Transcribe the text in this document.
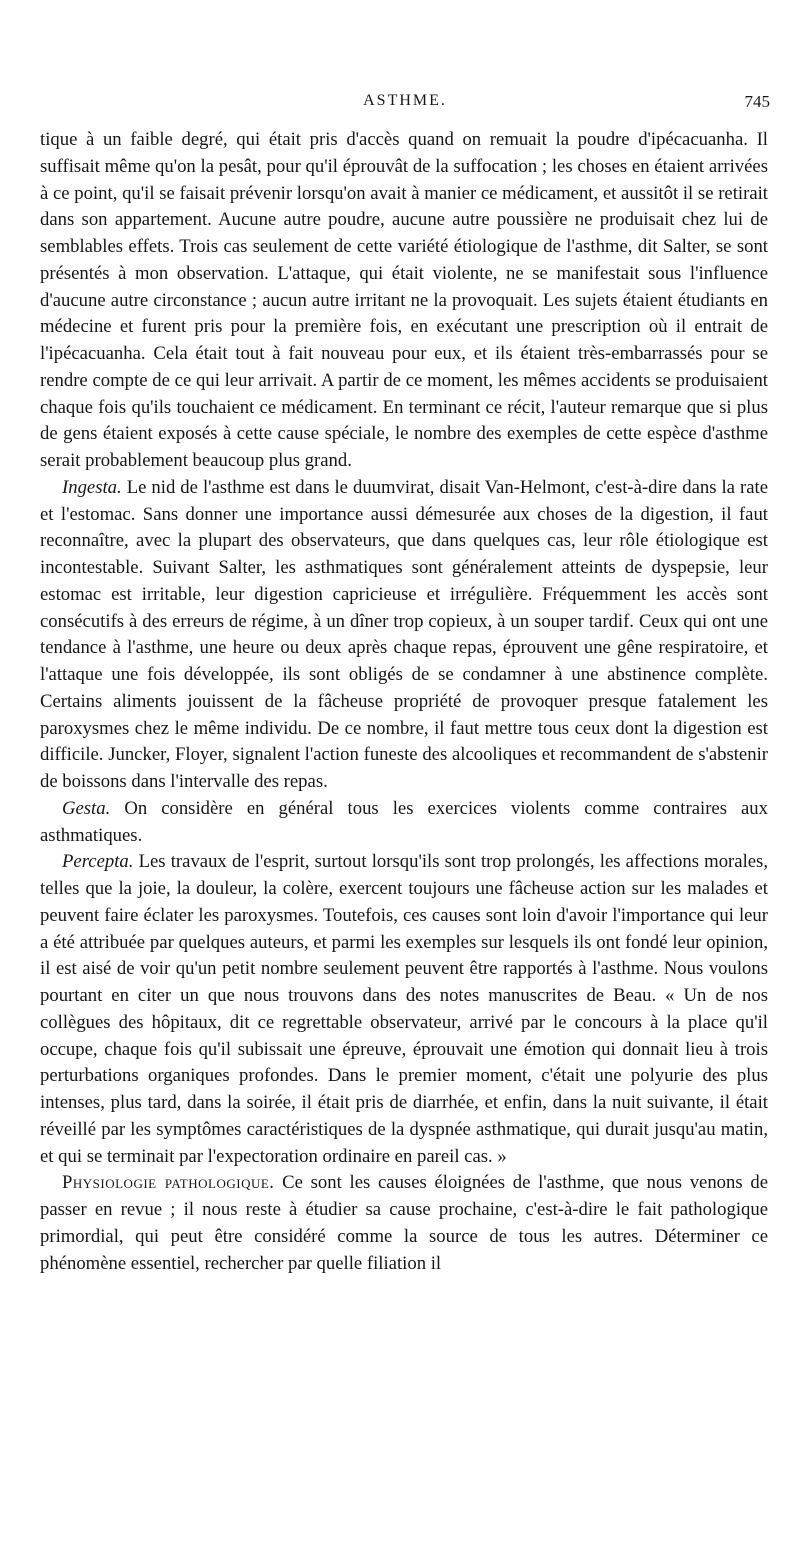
ASTHME.	745

tique à un faible degré, qui était pris d'accès quand on remuait la poudre d'ipécacuanha. Il suffisait même qu'on la pesât, pour qu'il éprouvât de la suffocation ; les choses en étaient arrivées à ce point, qu'il se faisait prévenir lorsqu'on avait à manier ce médicament, et aussitôt il se retirait dans son appartement. Aucune autre poudre, aucune autre poussière ne produisait chez lui de semblables effets. Trois cas seulement de cette variété étiologique de l'asthme, dit Salter, se sont présentés à mon observation. L'attaque, qui était violente, ne se manifestait sous l'influence d'aucune autre circonstance ; aucun autre irritant ne la provoquait. Les sujets étaient étudiants en médecine et furent pris pour la première fois, en exécutant une prescription où il entrait de l'ipécacuanha. Cela était tout à fait nouveau pour eux, et ils étaient très-embarrassés pour se rendre compte de ce qui leur arrivait. A partir de ce moment, les mêmes accidents se produisaient chaque fois qu'ils touchaient ce médicament. En terminant ce récit, l'auteur remarque que si plus de gens étaient exposés à cette cause spéciale, le nombre des exemples de cette espèce d'asthme serait probablement beaucoup plus grand.

Ingesta. Le nid de l'asthme est dans le duumvirat, disait Van-Helmont, c'est-à-dire dans la rate et l'estomac. Sans donner une importance aussi démesurée aux choses de la digestion, il faut reconnaître, avec la plupart des observateurs, que dans quelques cas, leur rôle étiologique est incontestable. Suivant Salter, les asthmatiques sont généralement atteints de dyspepsie, leur estomac est irritable, leur digestion capricieuse et irrégulière. Fréquemment les accès sont consécutifs à des erreurs de régime, à un dîner trop copieux, à un souper tardif. Ceux qui ont une tendance à l'asthme, une heure ou deux après chaque repas, éprouvent une gêne respiratoire, et l'attaque une fois développée, ils sont obligés de se condamner à une abstinence complète. Certains aliments jouissent de la fâcheuse propriété de provoquer presque fatalement les paroxysmes chez le même individu. De ce nombre, il faut mettre tous ceux dont la digestion est difficile. Juncker, Floyer, signalent l'action funeste des alcooliques et recommandent de s'abstenir de boissons dans l'intervalle des repas.

Gesta. On considère en général tous les exercices violents comme contraires aux asthmatiques.

Percepta. Les travaux de l'esprit, surtout lorsqu'ils sont trop prolongés, les affections morales, telles que la joie, la douleur, la colère, exercent toujours une fâcheuse action sur les malades et peuvent faire éclater les paroxysmes. Toutefois, ces causes sont loin d'avoir l'importance qui leur a été attribuée par quelques auteurs, et parmi les exemples sur lesquels ils ont fondé leur opinion, il est aisé de voir qu'un petit nombre seulement peuvent être rapportés à l'asthme. Nous voulons pourtant en citer un que nous trouvons dans des notes manuscrites de Beau. « Un de nos collègues des hôpitaux, dit ce regrettable observateur, arrivé par le concours à la place qu'il occupe, chaque fois qu'il subissait une épreuve, éprouvait une émotion qui donnait lieu à trois perturbations organiques profondes. Dans le premier moment, c'était une polyurie des plus intenses, plus tard, dans la soirée, il était pris de diarrhée, et enfin, dans la nuit suivante, il était réveillé par les symptômes caractéristiques de la dyspnée asthmatique, qui durait jusqu'au matin, et qui se terminait par l'expectoration ordinaire en pareil cas. »

Physiologie pathologique. Ce sont les causes éloignées de l'asthme, que nous venons de passer en revue ; il nous reste à étudier sa cause prochaine, c'est-à-dire le fait pathologique primordial, qui peut être considéré comme la source de tous les autres. Déterminer ce phénomène essentiel, rechercher par quelle filiation il
